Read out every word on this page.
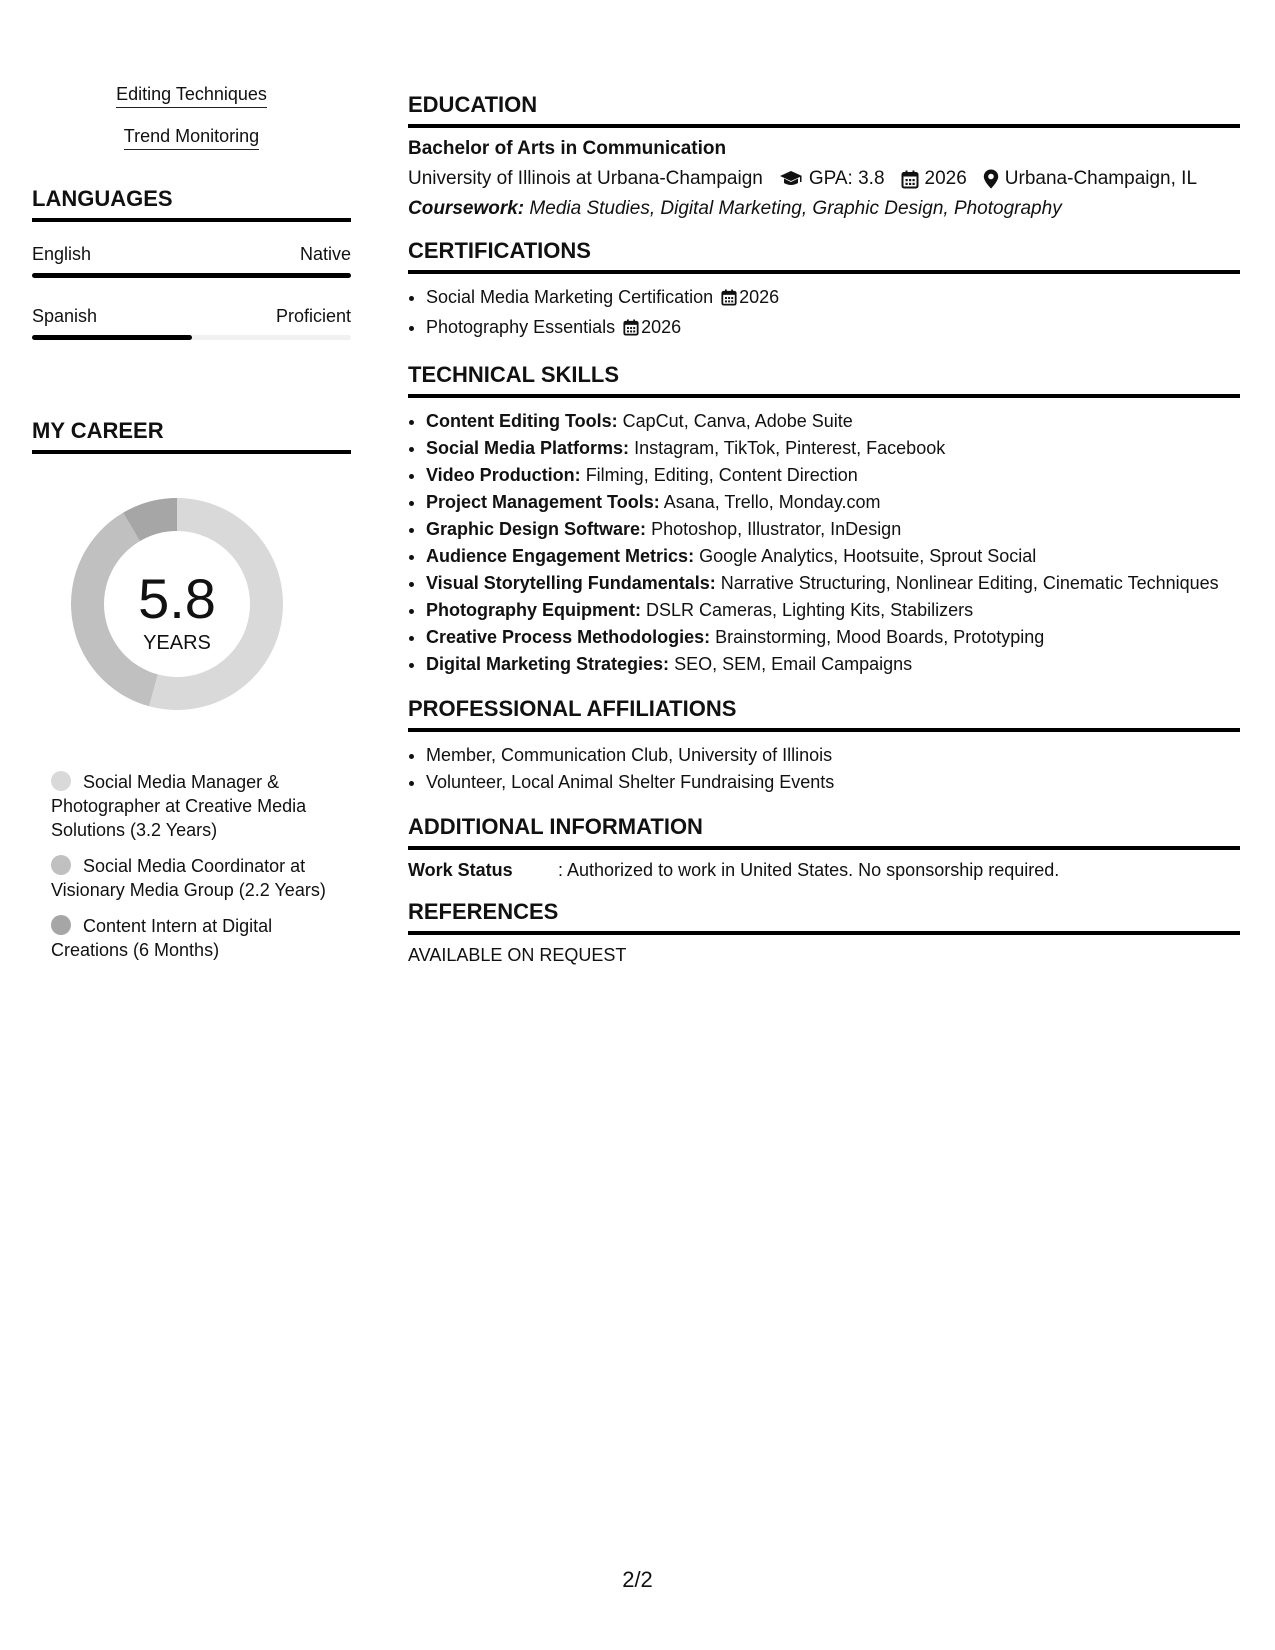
Editing Techniques
Trend Monitoring
LANGUAGES
English	Native
Spanish	Proficient
MY CAREER
5.8
YEARS
Social Media Manager & Photographer at Creative Media Solutions (3.2 Years)
Social Media Coordinator at Visionary Media Group (2.2 Years)
Content Intern at Digital Creations (6 Months)
EDUCATION
Bachelor of Arts in Communication
University of Illinois at Urbana-Champaign GPA: 3.8 2026 Urbana-Champaign, IL
Coursework: Media Studies, Digital Marketing, Graphic Design, Photography
CERTIFICATIONS
• Social Media Marketing Certification 2026
• Photography Essentials 2026
TECHNICAL SKILLS
• Content Editing Tools: CapCut, Canva, Adobe Suite
• Social Media Platforms: Instagram, TikTok, Pinterest, Facebook
• Video Production: Filming, Editing, Content Direction
• Project Management Tools: Asana, Trello, Monday.com
• Graphic Design Software: Photoshop, Illustrator, InDesign
• Audience Engagement Metrics: Google Analytics, Hootsuite, Sprout Social
• Visual Storytelling Fundamentals: Narrative Structuring, Nonlinear Editing, Cinematic Techniques
• Photography Equipment: DSLR Cameras, Lighting Kits, Stabilizers
• Creative Process Methodologies: Brainstorming, Mood Boards, Prototyping
• Digital Marketing Strategies: SEO, SEM, Email Campaigns
PROFESSIONAL AFFILIATIONS
• Member, Communication Club, University of Illinois
• Volunteer, Local Animal Shelter Fundraising Events
ADDITIONAL INFORMATION
Work Status	: Authorized to work in United States. No sponsorship required.
REFERENCES
AVAILABLE ON REQUEST
2/2
